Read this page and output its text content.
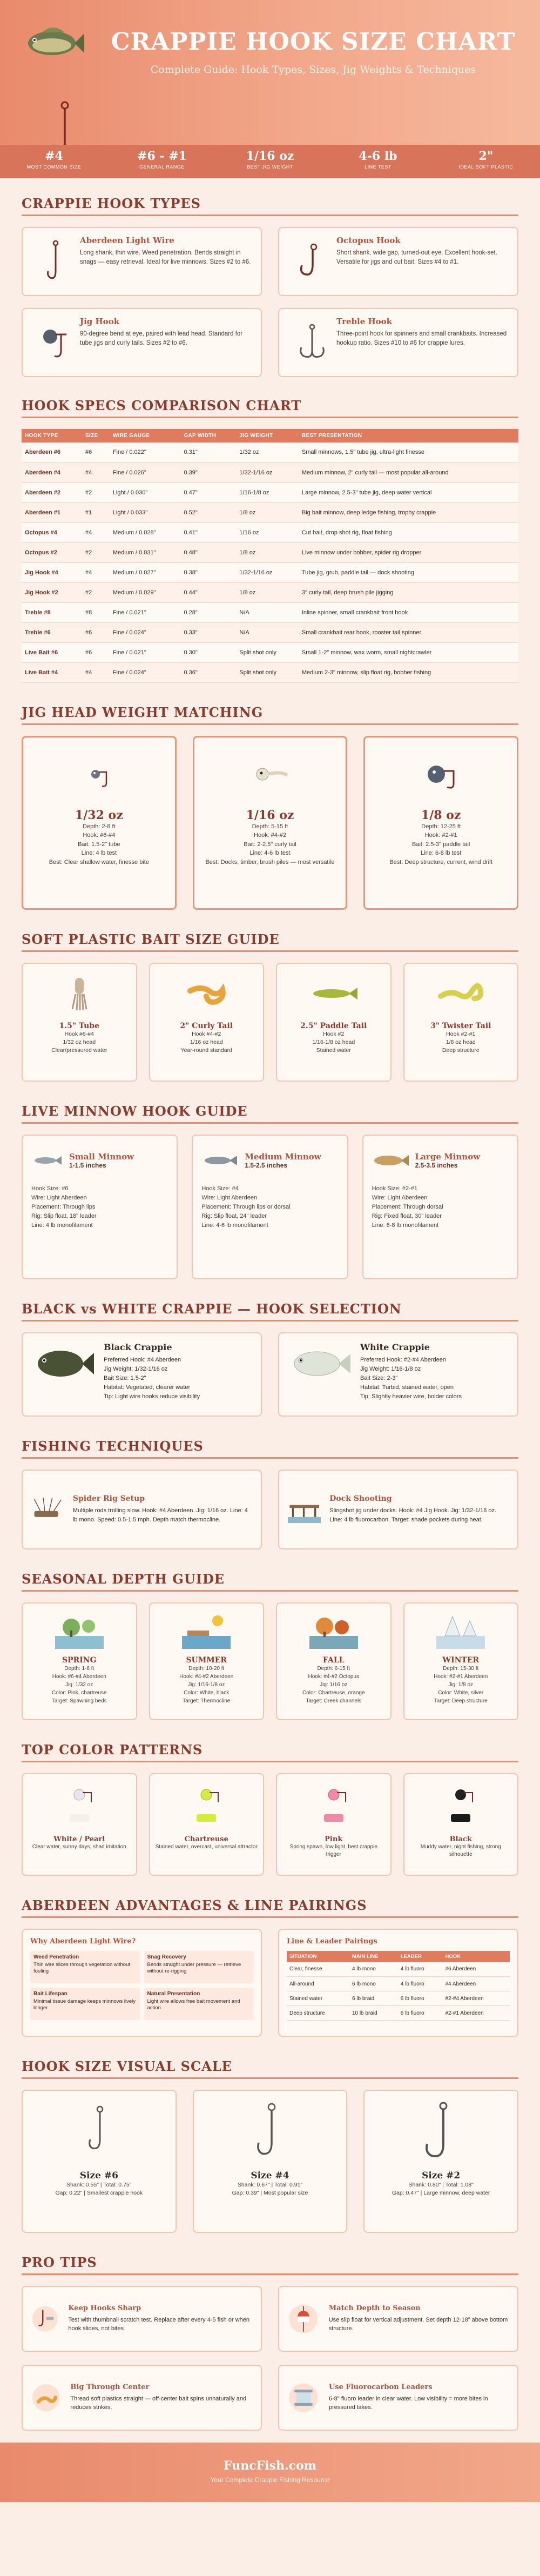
CRAPPIE HOOK SIZE CHART
Complete Guide: Hook Types, Sizes, Jig Weights & Techniques
#4
MOST COMMON SIZE
#6 - #1
GENERAL RANGE
1/16 oz
BEST JIG WEIGHT
4-6 lb
LINE TEST
2"
IDEAL SOFT PLASTIC
CRAPPIE HOOK TYPES
Aberdeen Light Wire

Long shank, thin wire. Weed penetration. Bends straight in snags — easy retrieval. Ideal for live minnows. Sizes #2 to #6.

Octopus Hook

Short shank, wide gap, turned-out eye. Excellent hook-set. Versatile for jigs and cut bait. Sizes #4 to #1.

Jig Hook

90-degree bend at eye, paired with lead head. Standard for tube jigs and curly tails. Sizes #2 to #6.

Treble Hook

Three-point hook for spinners and small crankbaits. Increased hookup ratio. Sizes #10 to #6 for crappie lures.

HOOK SPECS COMPARISON CHART
HOOK TYPE	SIZE	WIRE GAUGE	GAP WIDTH	JIG WEIGHT	BEST PRESENTATION
Aberdeen #6	#6	Fine / 0.022"	0.31"	1/32 oz	Small minnows, 1.5" tube jig, ultra-light finesse
Aberdeen #4	#4	Fine / 0.026"	0.39"	1/32-1/16 oz	Medium minnow, 2" curly tail — most popular all-around
Aberdeen #2	#2	Light / 0.030"	0.47"	1/16-1/8 oz	Large minnow, 2.5-3" tube jig, deep water vertical
Aberdeen #1	#1	Light / 0.033"	0.52"	1/8 oz	Big bait minnow, deep ledge fishing, trophy crappie
Octopus #4	#4	Medium / 0.028"	0.41"	1/16 oz	Cut bait, drop shot rig, float fishing
Octopus #2	#2	Medium / 0.031"	0.48"	1/8 oz	Live minnow under bobber, spider rig dropper
Jig Hook #4	#4	Medium / 0.027"	0.38"	1/32-1/16 oz	Tube jig, grub, paddle tail — dock shooting
Jig Hook #2	#2	Medium / 0.029"	0.44"	1/8 oz	3" curly tail, deep brush pile jigging
Treble #8	#8	Fine / 0.021"	0.28"	N/A	Inline spinner, small crankbait front hook
Treble #6	#6	Fine / 0.024"	0.33"	N/A	Small crankbait rear hook, rooster tail spinner
Live Bait #6	#6	Fine / 0.021"	0.30"	Split shot only	Small 1-2" minnow, wax worm, small nightcrawler
Live Bait #4	#4	Fine / 0.024"	0.36"	Split shot only	Medium 2-3" minnow, slip float rig, bobber fishing
JIG HEAD WEIGHT MATCHING
1/32 oz

Depth: 2-8 ft

Hook: #6-#4

Bait: 1.5-2" tube

Line: 4 lb test

Best: Clear shallow water, finesse bite

1/16 oz

Depth: 5-15 ft

Hook: #4-#2

Bait: 2-2.5" curly tail

Line: 4-6 lb test

Best: Docks, timber, brush piles — most versatile

1/8 oz

Depth: 12-25 ft

Hook: #2-#1

Bait: 2.5-3" paddle tail

Line: 6-8 lb test

Best: Deep structure, current, wind drift

SOFT PLASTIC BAIT SIZE GUIDE
1.5" Tube

Hook #6-#4

1/32 oz head

Clear/pressured water

2" Curly Tail

Hook #4-#2

1/16 oz head

Year-round standard

2.5" Paddle Tail

Hook #2

1/16-1/8 oz head

Stained water

3" Twister Tail

Hook #2-#1

1/8 oz head

Deep structure

LIVE MINNOW HOOK GUIDE
Small Minnow
1-1.5 inches

Hook Size: #6
Wire: Light Aberdeen
Placement: Through lips
Rig: Slip float, 18" leader
Line: 4 lb monofilament

Medium Minnow
1.5-2.5 inches

Hook Size: #4
Wire: Light Aberdeen
Placement: Through lips or dorsal
Rig: Slip float, 24" leader
Line: 4-6 lb monofilament

Large Minnow
2.5-3.5 inches

Hook Size: #2-#1
Wire: Light Aberdeen
Placement: Through dorsal
Rig: Fixed float, 30" leader
Line: 6-8 lb monofilament

BLACK vs WHITE CRAPPIE — HOOK SELECTION
Black Crappie

Preferred Hook: #4 Aberdeen
Jig Weight: 1/32-1/16 oz
Bait Size: 1.5-2"
Habitat: Vegetated, clearer water
Tip: Light wire hooks reduce visibility

White Crappie

Preferred Hook: #2-#4 Aberdeen
Jig Weight: 1/16-1/8 oz
Bait Size: 2-3"
Habitat: Turbid, stained water, open
Tip: Slightly heavier wire, bolder colors

FISHING TECHNIQUES
Spider Rig Setup

Multiple rods trolling slow. Hook: #4 Aberdeen. Jig: 1/16 oz. Line: 4 lb mono. Speed: 0.5-1.5 mph. Depth match thermocline.

Dock Shooting

Slingshot jig under docks. Hook: #4 Jig Hook. Jig: 1/32-1/16 oz. Line: 4 lb fluorocarbon. Target: shade pockets during heat.

SEASONAL DEPTH GUIDE
SPRING

Depth: 1-6 ft
Hook: #6-#4 Aberdeen
Jig: 1/32 oz
Color: Pink, chartreuse
Target: Spawning beds

SUMMER

Depth: 10-20 ft
Hook: #4-#2 Aberdeen
Jig: 1/16-1/8 oz
Color: White, black
Target: Thermocline

FALL

Depth: 6-15 ft
Hook: #4-#2 Octopus
Jig: 1/16 oz
Color: Chartreuse, orange
Target: Creek channels

WINTER

Depth: 15-30 ft
Hook: #2-#1 Aberdeen
Jig: 1/8 oz
Color: White, silver
Target: Deep structure

TOP COLOR PATTERNS
White / Pearl

Clear water, sunny days, shad imitation

Chartreuse

Stained water, overcast, universal attractor

Pink

Spring spawn, low light, best crappie trigger

Black

Muddy water, night fishing, strong silhouette

ABERDEEN ADVANTAGES & LINE PAIRINGS
Why Aberdeen Light Wire?
Weed Penetration
Thin wire slices through vegetation without fouling
Snag Recovery
Bends straight under pressure — retrieve without re-rigging
Bait Lifespan
Minimal tissue damage keeps minnows lively longer
Natural Presentation
Light wire allows free bait movement and action
Line & Leader Pairings
SITUATION	MAIN LINE	LEADER	HOOK
Clear, finesse	4 lb mono	4 lb fluoro	#6 Aberdeen
All-around	6 lb mono	4 lb fluoro	#4 Aberdeen
Stained water	6 lb braid	6 lb fluoro	#2-#4 Aberdeen
Deep structure	10 lb braid	6 lb fluoro	#2-#1 Aberdeen
HOOK SIZE VISUAL SCALE
Size #6

Shank: 0.55" | Total: 0.75"

Gap: 0.22" | Smallest crappie hook

Size #4

Shank: 0.67" | Total: 0.91"

Gap: 0.39" | Most popular size

Size #2

Shank: 0.80" | Total: 1.08"

Gap: 0.47" | Large minnow, deep water

PRO TIPS
Keep Hooks Sharp

Test with thumbnail scratch test. Replace after every 4-5 fish or when hook slides, not bites

Match Depth to Season

Use slip float for vertical adjustment. Set depth 12-18" above bottom structure.

Big Through Center

Thread soft plastics straight — off-center bait spins unnaturally and reduces strikes.

Use Fluorocarbon Leaders

6-8" fluoro leader in clear water. Low visibility = more bites in pressured lakes.

FuncFish.com
Your Complete Crappie Fishing Resource
